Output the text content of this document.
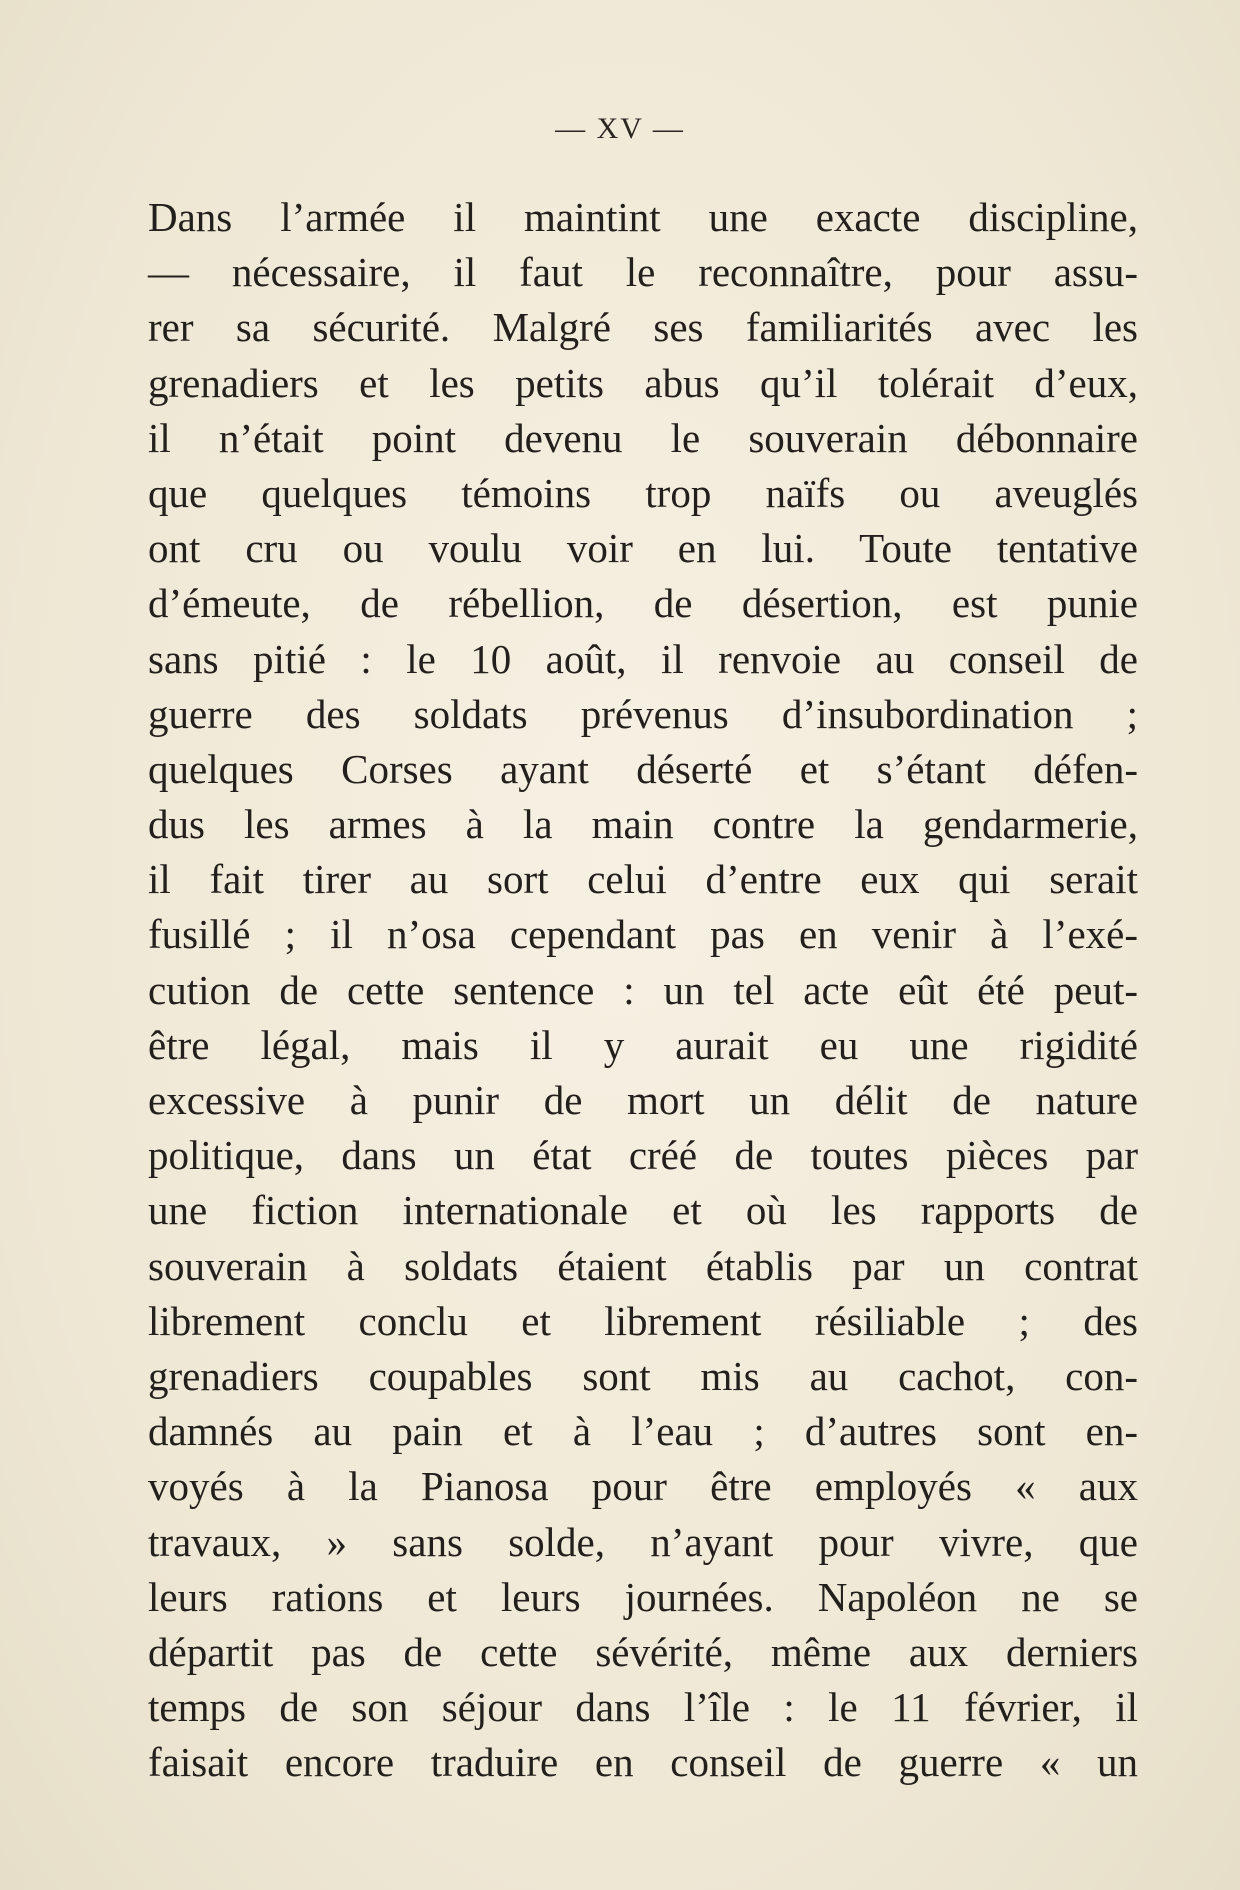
— XV —
Dans l’armée il maintint une exacte discipline,
— nécessaire, il faut le reconnaître, pour assu-
rer sa sécurité. Malgré ses familiarités avec les
grenadiers et les petits abus qu’il tolérait d’eux,
il n’était point devenu le souverain débonnaire
que quelques témoins trop naïfs ou aveuglés
ont cru ou voulu voir en lui. Toute tentative
d’émeute, de rébellion, de désertion, est punie
sans pitié : le 10 août, il renvoie au conseil de
guerre des soldats prévenus d’insubordination ;
quelques Corses ayant déserté et s’étant défen-
dus les armes à la main contre la gendarmerie,
il fait tirer au sort celui d’entre eux qui serait
fusillé ; il n’osa cependant pas en venir à l’exé-
cution de cette sentence : un tel acte eût été peut-
être légal, mais il y aurait eu une rigidité
excessive à punir de mort un délit de nature
politique, dans un état créé de toutes pièces par
une fiction internationale et où les rapports de
souverain à soldats étaient établis par un contrat
librement conclu et librement résiliable ; des
grenadiers coupables sont mis au cachot, con-
damnés au pain et à l’eau ; d’autres sont en-
voyés à la Pianosa pour être employés « aux
travaux, » sans solde, n’ayant pour vivre, que
leurs rations et leurs journées. Napoléon ne se
départit pas de cette sévérité, même aux derniers
temps de son séjour dans l’île : le 11 février, il
faisait encore traduire en conseil de guerre « un
